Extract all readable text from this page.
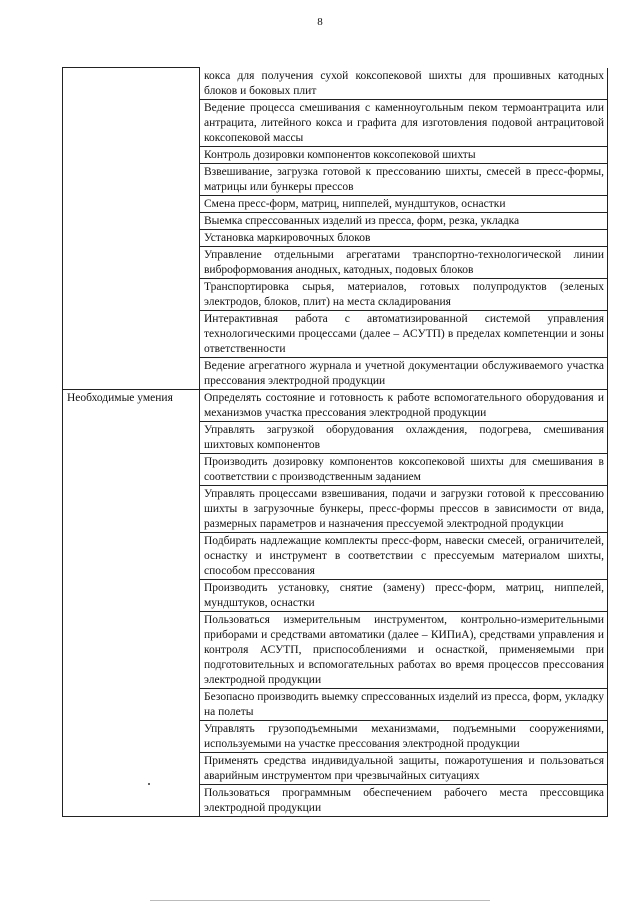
8
	кокса для получения сухой коксопековой шихты для прошивных катодных блоков и боковых плит
	Ведение процесса смешивания с каменноугольным пеком термоантрацита или антрацита, литейного кокса и графита для изготовления подовой антрацитовой коксопековой массы
	Контроль дозировки компонентов коксопековой шихты
	Взвешивание, загрузка готовой к прессованию шихты, смесей в пресс-формы, матрицы или бункеры прессов
	Смена пресс-форм, матриц, ниппелей, мундштуков, оснастки
	Выемка спрессованных изделий из пресса, форм, резка, укладка
	Установка маркировочных блоков
	Управление отдельными агрегатами транспортно-технологической линии виброформования анодных, катодных, подовых блоков
	Транспортировка сырья, материалов, готовых полупродуктов (зеленых электродов, блоков, плит) на места складирования
	Интерактивная работа с автоматизированной системой управления технологическими процессами (далее – АСУТП) в пределах компетенции и зоны ответственности
	Ведение агрегатного журнала и учетной документации обслуживаемого участка прессования электродной продукции
Необходимые умения	Определять состояние и готовность к работе вспомогательного оборудования и механизмов участка прессования электродной продукции
	Управлять загрузкой оборудования охлаждения, подогрева, смешивания шихтовых компонентов
	Производить дозировку компонентов коксопековой шихты для смешивания в соответствии с производственным заданием
	Управлять процессами взвешивания, подачи и загрузки готовой к прессованию шихты в загрузочные бункеры, пресс-формы прессов в зависимости от вида, размерных параметров и назначения прессуемой электродной продукции
	Подбирать надлежащие комплекты пресс-форм, навески смесей, ограничителей, оснастку и инструмент в соответствии с прессуемым материалом шихты, способом прессования
	Производить установку, снятие (замену) пресс-форм, матриц, ниппелей, мундштуков, оснастки
	Пользоваться измерительным инструментом, контрольно-измерительными приборами и средствами автоматики (далее – КИПиА), средствами управления и контроля АСУТП, приспособлениями и оснасткой, применяемыми при подготовительных и вспомогательных работах во время процессов прессования электродной продукции
	Безопасно производить выемку спрессованных изделий из пресса, форм, укладку на полеты
	Управлять грузоподъемными механизмами, подъемными сооружениями, используемыми на участке прессования электродной продукции
	Применять средства индивидуальной защиты, пожаротушения и пользоваться аварийным инструментом при чрезвычайных ситуациях
	Пользоваться программным обеспечением рабочего места прессовщика электродной продукции
